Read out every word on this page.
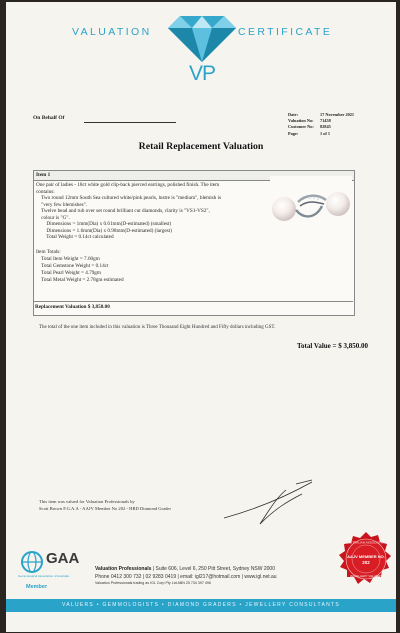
VALUATION
VP
CERTIFICATE
On Behalf Of
Date:	17 November 2021
Valuation No:	71458
Customer No:	82845
Page:	1 of 1
Retail Replacement Valuation
Item 1
One pair of ladies - 18ct white gold clip-back pierced earrings, polished finish. The item
contains:
Two round 12mm South Sea cultured white/pink pearls, lustre is "medium", blemish is
"very few blemishes".
Twelve bead and rub over set round brilliant cut diamonds, clarity is "VS1-VS2",
colour is "G".
Dimensions = 1mm(Dia) x 0.61mm(D-estimated) (smallest)
Dimensions = 1.6mm(Dia) x 0.98mm(D-estimated) (largest)
Total Weight = 0.14ct calculated
Item Totals:
Total Item Weight = 7.60gm
Total Gemstone Weight = 0.14ct
Total Pearl Weight = 4.79gm
Total Metal Weight = 2.78gm estimated
Replacement Valuation $ 3,850.00
The total of the one item included in this valuation is Three Thousand Eight Hundred and Fifty dollars including GST.
Total Value = $ 3,850.00
This item was valued for Valuation Professionals by
Scott Brown F.G.A.A - AAJV Member No 202 - HRD Diamond Grader
GAA
Gemmological Association of Australia
Member
Valuation Professionals | Suite 606, Level 6, 250 Pitt Street, Sydney NSW 2000
Phone 0412 300 732 | 02 9283 0419 | email: igl217@hotmail.com | www.igl.net.au
Valuation Professionals trading as IGL Corp Pty Ltd ABN 25 734 397 496
AUSTRALIAN ASSOCIATION
AAJV MEMBER NO.
202
JEWELLERY VALUERS
VALUERS • GEMMOLOGISTS • DIAMOND GRADERS • JEWELLERY CONSULTANTS
